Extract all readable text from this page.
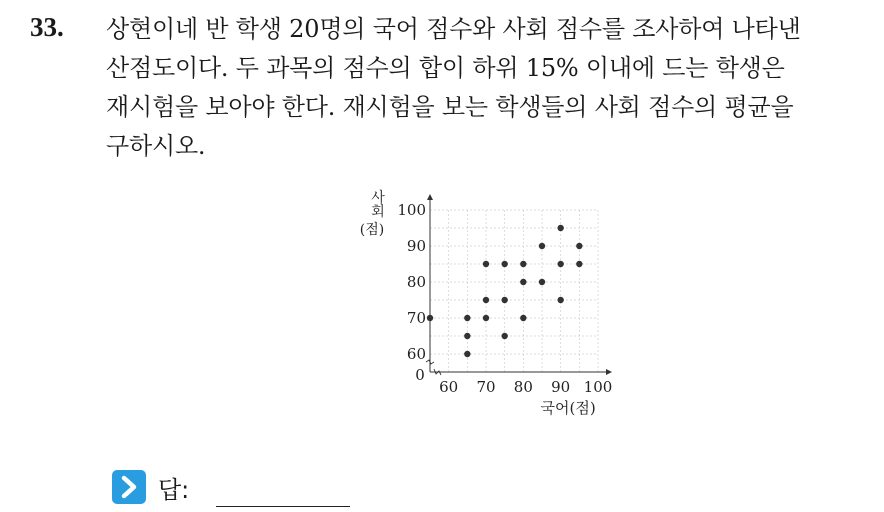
33. 상현이네 반 학생 20명의 국어 점수와 사회 점수를 조사하여 나타낸
산점도이다. 두 과목의 점수의 합이 하위 15% 이내에 드는 학생은
재시험을 보아야 한다. 재시험을 보는 학생들의 사회 점수의 평균을
구하시오.
60 70 80 90 100
60
70
80
90
100
0
사
회
(점)
국어(점)
답:
